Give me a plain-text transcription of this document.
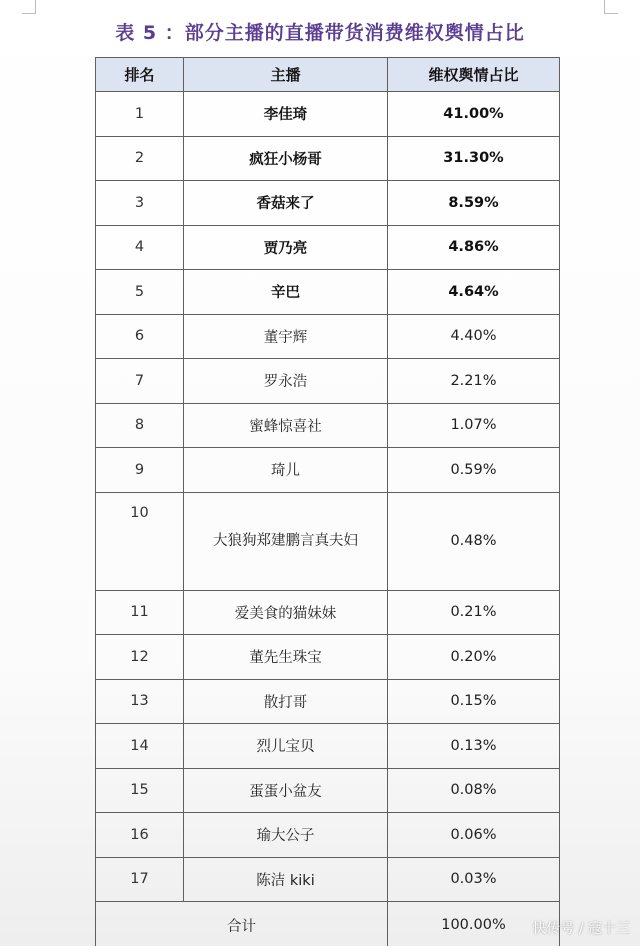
表 5 ：部分主播的直播带货消费维权舆情占比
排名	主播	维权舆情占比
1	李佳琦	41.00%
2	疯狂小杨哥	31.30%
3	香菇来了	8.59%
4	贾乃亮	4.86%
5	辛巴	4.64%
6	董宇辉	4.40%
7	罗永浩	2.21%
8	蜜蜂惊喜社	1.07%
9	琦儿	0.59%
10	大狼狗郑建鹏言真夫妇	0.48%
11	爱美食的猫妹妹	0.21%
12	董先生珠宝	0.20%
13	散打哥	0.15%
14	烈儿宝贝	0.13%
15	蛋蛋小盆友	0.08%
16	瑜大公子	0.06%
17	陈洁 kiki	0.03%
合计		100.00% 快传号 / 寇十三
